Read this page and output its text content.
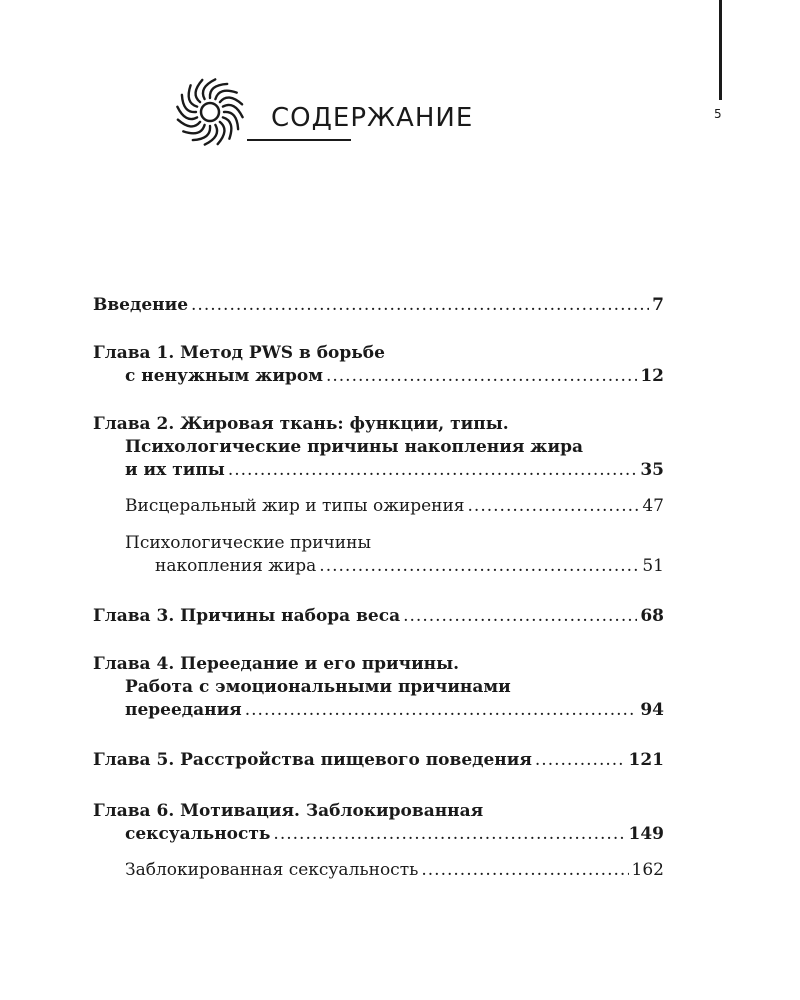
5
СОДЕРЖАНИЕ
Введение .....	7
Глава 1. Метод PWS в борьбе
с ненужным жиром .....	12
Глава 2. Жировая ткань: функции, типы.
Психологические причины накопления жира
и их типы .....	35
Висцеральный жир и типы ожирения .....	47
Психологические причины
накопления жира .....	51
Глава 3. Причины набора веса .....	68
Глава 4. Переедание и его причины.
Работа с эмоциональными причинами
переедания .....	94
Глава 5. Расстройства пищевого поведения .....	121
Глава 6. Мотивация. Заблокированная
сексуальность .....	149
Заблокированная сексуальность .....	162
